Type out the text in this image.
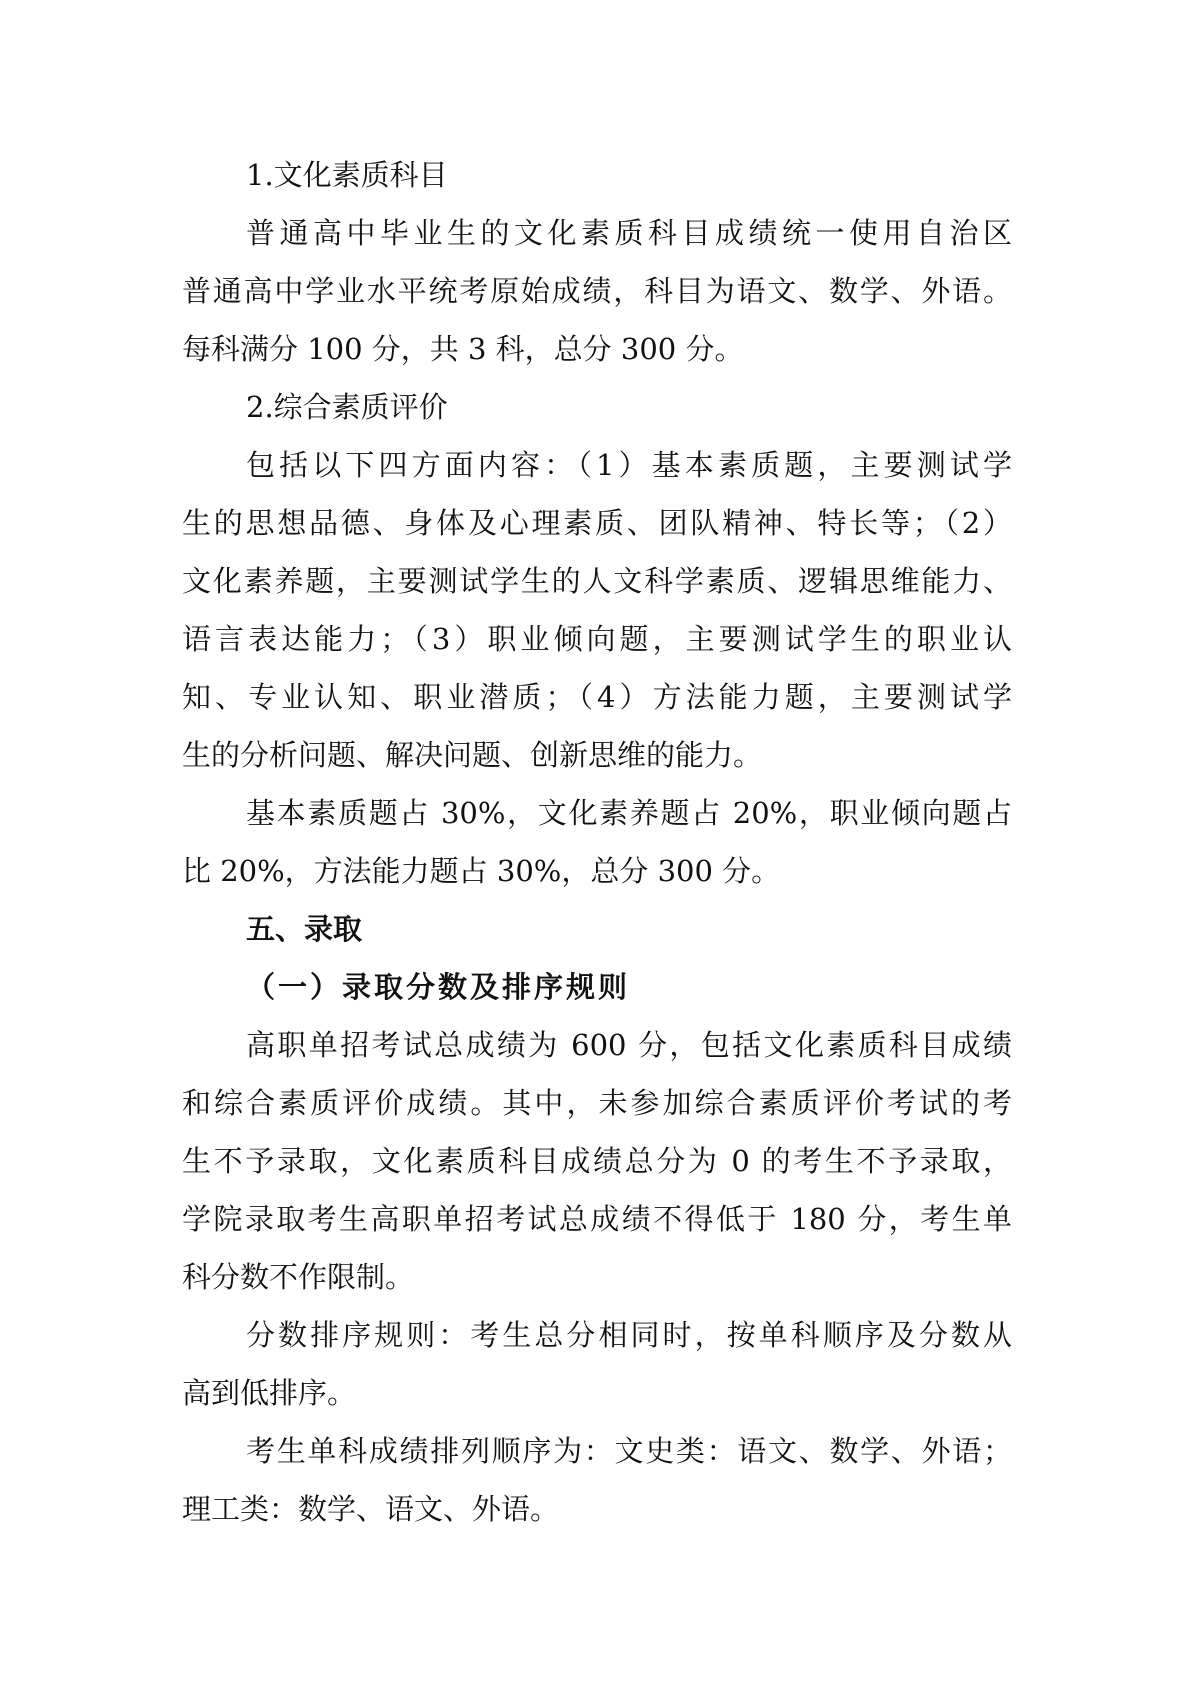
1.文化素质科目
普通高中毕业生的文化素质科目成绩统一使用自治区
普通高中学业水平统考原始成绩，科目为语文、数学、外语。
每科满分 100 分，共 3 科，总分 300 分。
2.综合素质评价
包括以下四方面内容：（1）基本素质题，主要测试学
生的思想品德、身体及心理素质、团队精神、特长等；（2）
文化素养题，主要测试学生的人文科学素质、逻辑思维能力、
语言表达能力；（3）职业倾向题，主要测试学生的职业认
知、专业认知、职业潜质；（4）方法能力题，主要测试学
生的分析问题、解决问题、创新思维的能力。
基本素质题占 30%，文化素养题占 20%，职业倾向题占
比 20%，方法能力题占 30%，总分 300 分。
五、录取
（一）录取分数及排序规则
高职单招考试总成绩为 600 分，包括文化素质科目成绩
和综合素质评价成绩。其中，未参加综合素质评价考试的考
生不予录取，文化素质科目成绩总分为 0 的考生不予录取，
学院录取考生高职单招考试总成绩不得低于 180 分，考生单
科分数不作限制。
分数排序规则：考生总分相同时，按单科顺序及分数从
高到低排序。
考生单科成绩排列顺序为：文史类：语文、数学、外语；
理工类：数学、语文、外语。
